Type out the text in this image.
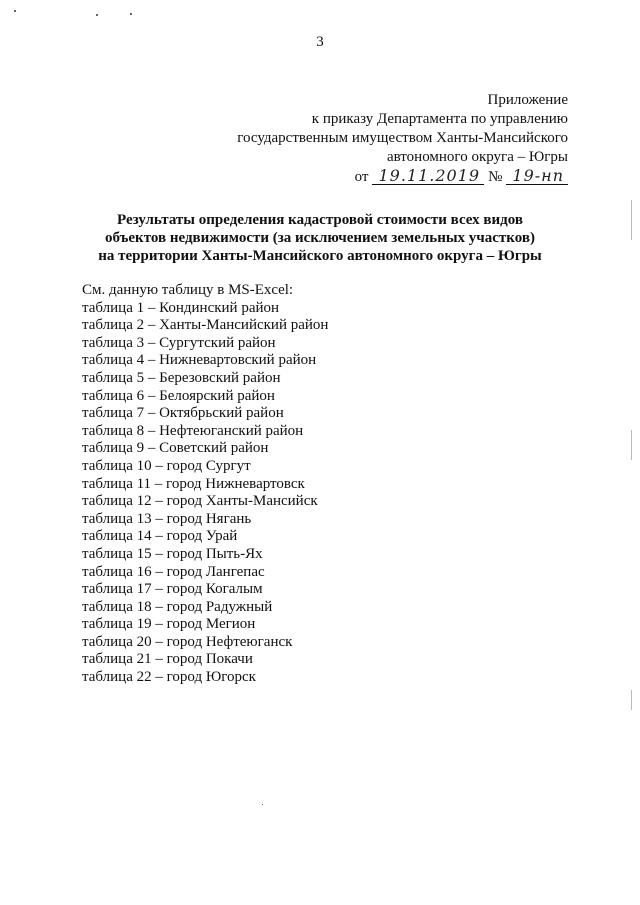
3
Приложение
к приказу Департамента по управлению
государственным имуществом Ханты-Мансийского
автономного округа – Югры
от 19.11.2019 № 19-нп
Результаты определения кадастровой стоимости всех видов
объектов недвижимости (за исключением земельных участков)
на территории Ханты-Мансийского автономного округа – Югры
См. данную таблицу в MS-Excel:
таблица 1 – Кондинский район
таблица 2 – Ханты-Мансийский район
таблица 3 – Сургутский район
таблица 4 – Нижневартовский район
таблица 5 – Березовский район
таблица 6 – Белоярский район
таблица 7 – Октябрьский район
таблица 8 – Нефтеюганский район
таблица 9 – Советский район
таблица 10 – город Сургут
таблица 11 – город Нижневартовск
таблица 12 – город Ханты-Мансийск
таблица 13 – город Нягань
таблица 14 – город Урай
таблица 15 – город Пыть-Ях
таблица 16 – город Лангепас
таблица 17 – город Когалым
таблица 18 – город Радужный
таблица 19 – город Мегион
таблица 20 – город Нефтеюганск
таблица 21 – город Покачи
таблица 22 – город Югорск
